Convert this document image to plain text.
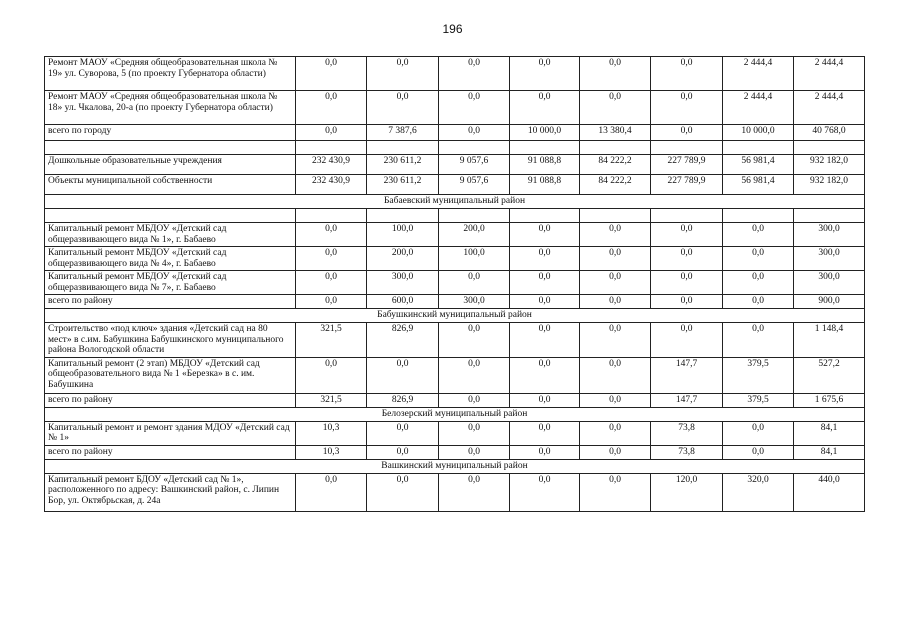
196
Ремонт МАОУ «Средняя общеобразовательная школа № 19» ул. Суворова, 5 (по проекту Губернатора области)	0,0	0,0	0,0	0,0	0,0	0,0	2 444,4	2 444,4
Ремонт МАОУ «Средняя общеобразовательная школа № 18» ул. Чкалова, 20-а (по проекту Губернатора области)	0,0	0,0	0,0	0,0	0,0	0,0	2 444,4	2 444,4
всего по городу	0,0	7 387,6	0,0	10 000,0	13 380,4	0,0	10 000,0	40 768,0

Дошкольные образовательные учреждения	232 430,9	230 611,2	9 057,6	91 088,8	84 222,2	227 789,9	56 981,4	932 182,0
Объекты муниципальной собственности	232 430,9	230 611,2	9 057,6	91 088,8	84 222,2	227 789,9	56 981,4	932 182,0
Бабаевский муниципальный район								

Капитальный ремонт МБДОУ «Детский сад общеразвивающего вида № 1», г. Бабаево	0,0	100,0	200,0	0,0	0,0	0,0	0,0	300,0
Капитальный ремонт МБДОУ «Детский сад общеразвивающего вида № 4», г. Бабаево	0,0	200,0	100,0	0,0	0,0	0,0	0,0	300,0
Капитальный ремонт МБДОУ «Детский сад общеразвивающего вида № 7», г. Бабаево	0,0	300,0	0,0	0,0	0,0	0,0	0,0	300,0
всего по району	0,0	600,0	300,0	0,0	0,0	0,0	0,0	900,0
Бабушкинский муниципальный район								
Строительство «под ключ» здания «Детский сад на 80 мест» в с.им. Бабушкина Бабушкинского муниципального района Вологодской области	321,5	826,9	0,0	0,0	0,0	0,0	0,0	1 148,4
Капитальный ремонт (2 этап) МБДОУ «Детский сад общеобразовательного вида № 1 «Березка» в с. им. Бабушкина	0,0	0,0	0,0	0,0	0,0	147,7	379,5	527,2
всего по району	321,5	826,9	0,0	0,0	0,0	147,7	379,5	1 675,6
Белозерский муниципальный район								
Капитальный ремонт и ремонт здания МДОУ «Детский сад № 1»	10,3	0,0	0,0	0,0	0,0	73,8	0,0	84,1
всего по району	10,3	0,0	0,0	0,0	0,0	73,8	0,0	84,1
Вашкинский муниципальный район								
Капитальный ремонт БДОУ «Детский сад № 1», расположенного по адресу: Вашкинский район, с. Липин Бор, ул. Октябрьская, д. 24а	0,0	0,0	0,0	0,0	0,0	120,0	320,0	440,0
